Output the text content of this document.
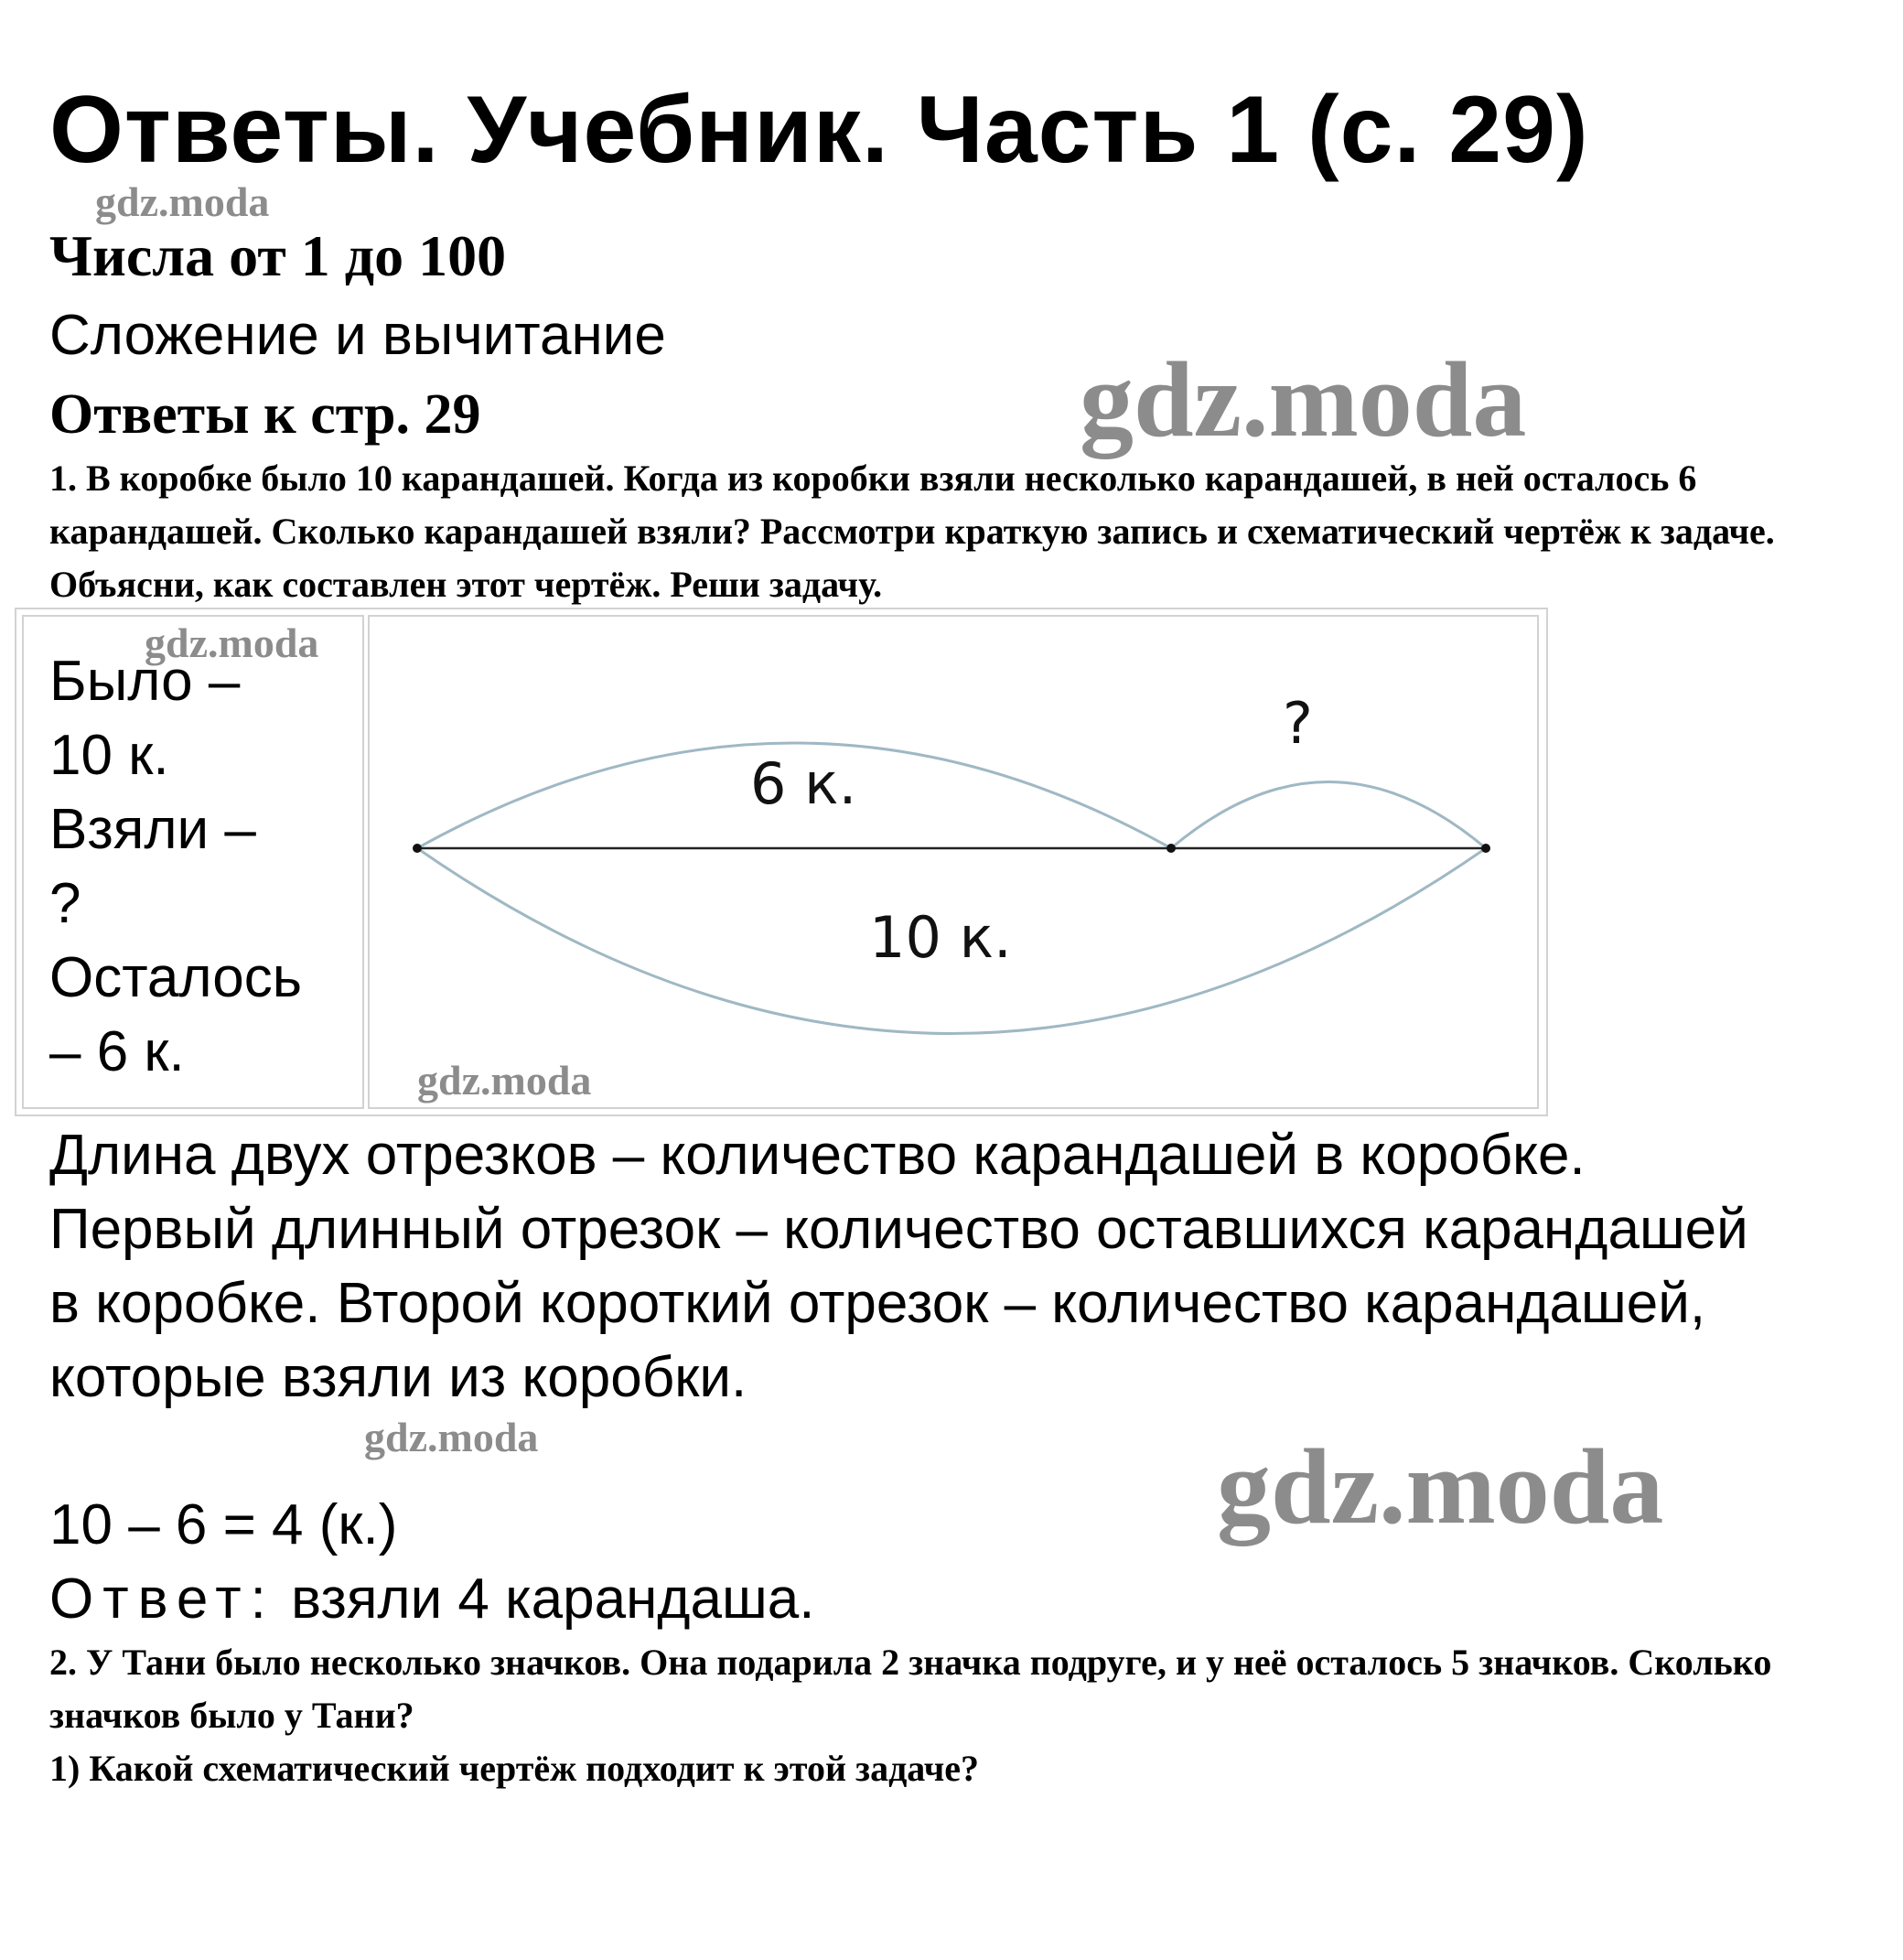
Ответы. Учебник. Часть 1 (с. 29)
gdz.moda
Числа от 1 до 100
Сложение и вычитание
Ответы к стр. 29	gdz.moda

1. В коробке было 10 карандашей. Когда из коробки взяли несколько карандашей, в ней осталось 6 карандашей. Сколько карандашей взяли? Рассмотри краткую запись и схематический чертёж к задаче. Объясни, как составлен этот чертёж. Реши задачу.

gdz.moda
Было –
10 к.
Взяли –
?
Осталось
– 6 к.
6 к.
?
10 к.
gdz.moda

Длина двух отрезков – количество карандашей в коробке. Первый длинный отрезок – количество оставшихся карандашей в коробке. Второй короткий отрезок – количество карандашей, которые взяли из коробки.

gdz.moda	gdz.moda
10 – 6 = 4 (к.)
Ответ: взяли 4 карандаша.

2. У Тани было несколько значков. Она подарила 2 значка подруге, и у неё осталось 5 значков. Сколько значков было у Тани?
1) Какой схематический чертёж подходит к этой задаче?
